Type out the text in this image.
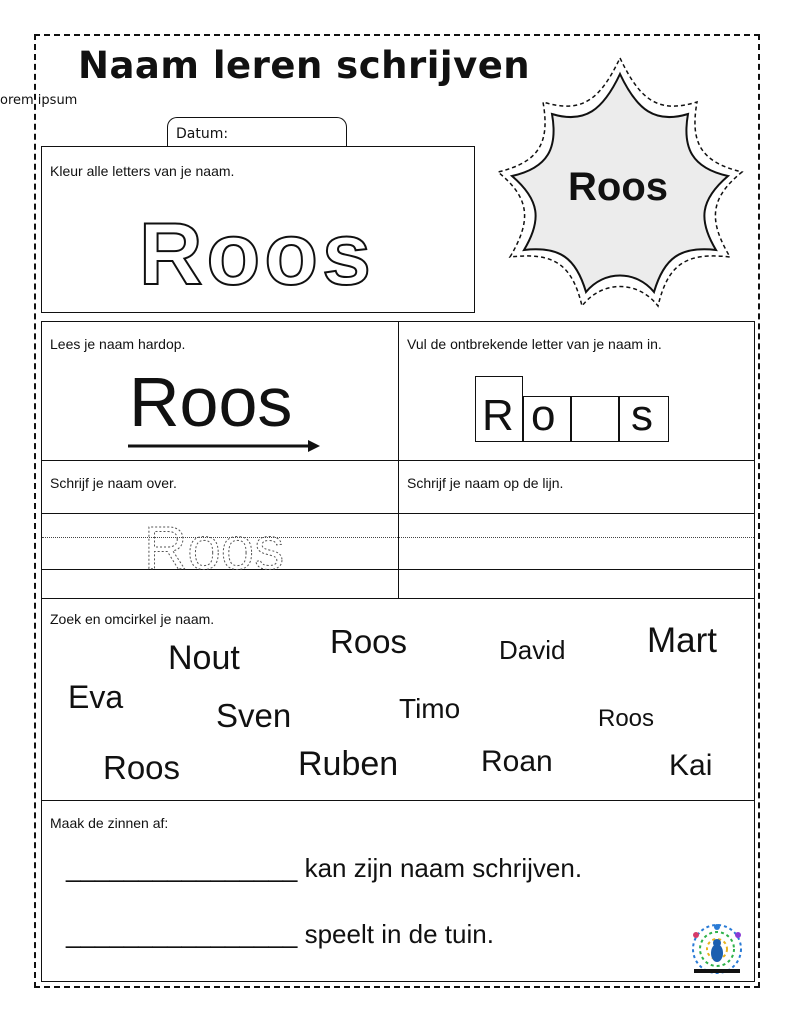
Naam leren schrijven
orem ipsum
Datum:
Kleur alle letters van je naam.
Roos
Roos
Lees je naam hardop.
Roos
Vul de ontbrekende letter van je naam in.
R o s
Schrijf je naam over.
Roos
Schrijf je naam op de lijn.
Zoek en omcirkel je naam.
Nout	Roos	David Mart
Eva	Sven	Timo	Roos
Roos	Ruben	Roan	Kai
Maak de zinnen af:
________________ kan zijn naam schrijven.
________________ speelt in de tuin.
